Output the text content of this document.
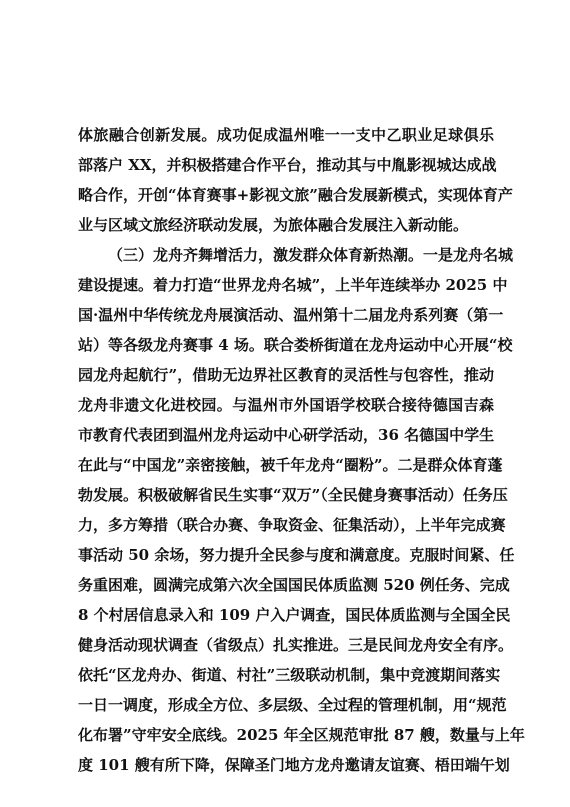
体旅融合创新发展。成功促成温州唯一一支中乙职业足球俱乐
部落户 XX，并积极搭建合作平台，推动其与中胤影视城达成战
略合作，开创“体育赛事+影视文旅”融合发展新模式，实现体育产
业与区域文旅经济联动发展，为旅体融合发展注入新动能。
（三）龙舟齐舞增活力，激发群众体育新热潮。一是龙舟名城
建设提速。着力打造“世界龙舟名城”，上半年连续举办 2025 中
国·温州中华传统龙舟展演活动、温州第十二届龙舟系列赛（第一
站）等各级龙舟赛事 4 场。联合娄桥街道在龙舟运动中心开展“校
园龙舟起航行”，借助无边界社区教育的灵活性与包容性，推动
龙舟非遗文化进校园。与温州市外国语学校联合接待德国吉森
市教育代表团到温州龙舟运动中心研学活动，36 名德国中学生
在此与“中国龙”亲密接触，被千年龙舟“圈粉”。二是群众体育蓬
勃发展。积极破解省民生实事“双万”（全民健身赛事活动）任务压
力，多方筹措（联合办赛、争取资金、征集活动），上半年完成赛
事活动 50 余场，努力提升全民参与度和满意度。克服时间紧、任
务重困难，圆满完成第六次全国国民体质监测 520 例任务、完成
8 个村居信息录入和 109 户入户调查，国民体质监测与全国全民
健身活动现状调查（省级点）扎实推进。三是民间龙舟安全有序。
依托“区龙舟办、街道、村社”三级联动机制，集中竞渡期间落实
一日一调度，形成全方位、多层级、全过程的管理机制，用“规范
化布署”守牢安全底线。2025 年全区规范审批 87 艘，数量与上年
度 101 艘有所下降，保障圣门地方龙舟邀请友谊赛、梧田端午划
